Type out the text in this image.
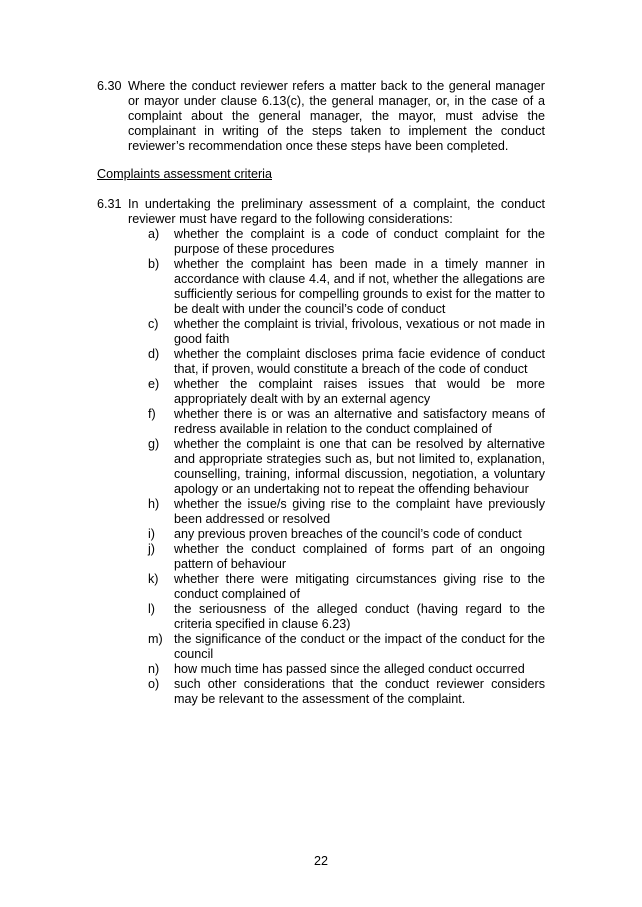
6.30 Where the conduct reviewer refers a matter back to the general manager or mayor under clause 6.13(c), the general manager, or, in the case of a complaint about the general manager, the mayor, must advise the complainant in writing of the steps taken to implement the conduct reviewer’s recommendation once these steps have been completed.
Complaints assessment criteria
6.31 In undertaking the preliminary assessment of a complaint, the conduct reviewer must have regard to the following considerations:
a) whether the complaint is a code of conduct complaint for the purpose of these procedures
b) whether the complaint has been made in a timely manner in accordance with clause 4.4, and if not, whether the allegations are sufficiently serious for compelling grounds to exist for the matter to be dealt with under the council’s code of conduct
c) whether the complaint is trivial, frivolous, vexatious or not made in good faith
d) whether the complaint discloses prima facie evidence of conduct that, if proven, would constitute a breach of the code of conduct
e) whether the complaint raises issues that would be more appropriately dealt with by an external agency
f) whether there is or was an alternative and satisfactory means of redress available in relation to the conduct complained of
g) whether the complaint is one that can be resolved by alternative and appropriate strategies such as, but not limited to, explanation, counselling, training, informal discussion, negotiation, a voluntary apology or an undertaking not to repeat the offending behaviour
h) whether the issue/s giving rise to the complaint have previously been addressed or resolved
i) any previous proven breaches of the council’s code of conduct
j) whether the conduct complained of forms part of an ongoing pattern of behaviour
k) whether there were mitigating circumstances giving rise to the conduct complained of
l) the seriousness of the alleged conduct (having regard to the criteria specified in clause 6.23)
m) the significance of the conduct or the impact of the conduct for the council
n) how much time has passed since the alleged conduct occurred
o) such other considerations that the conduct reviewer considers may be relevant to the assessment of the complaint.
22
